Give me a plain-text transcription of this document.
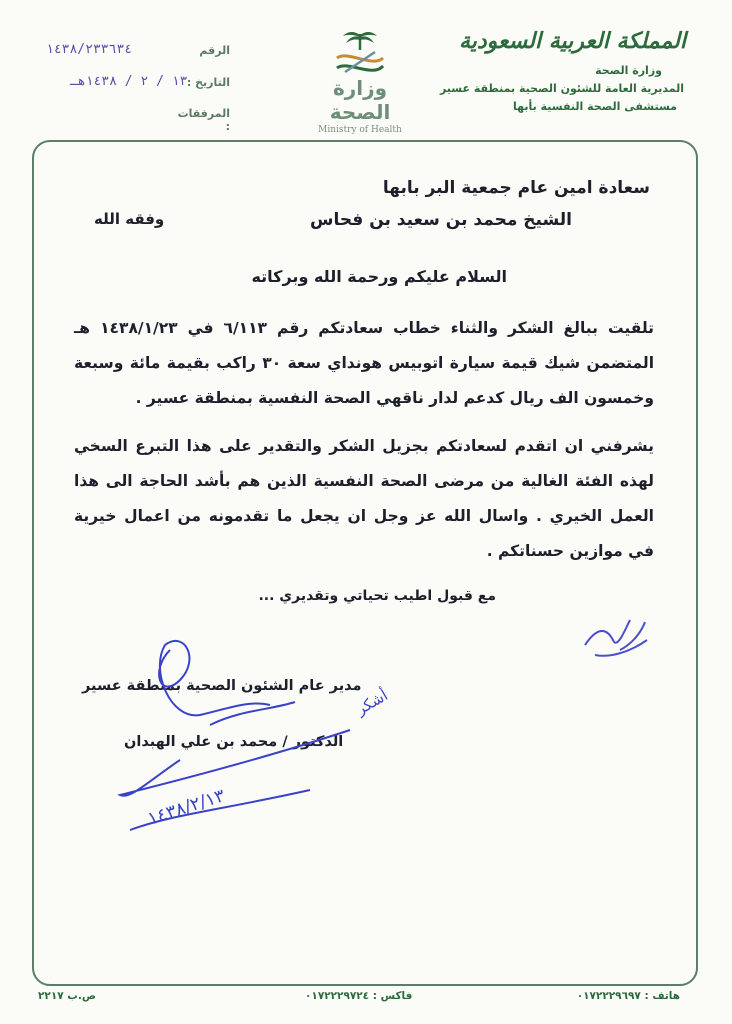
المملكة العربية السعودية
وزارة الصحة
المديرية العامة للشئون الصحية بمنطقة عسير
مستشفى الصحة النفسية بأبها
وزارة الصحة
Ministry of Health
الرقم
التاريخ :
المرفقات :
١٤٣٨/٢٣٣٦٣٤
١٣ / ٢ / ١٤٣٨هـ
سعادة امين عام جمعية البر بابها
الشيخ محمد بن سعيد بن فحاس
وفقه الله
السلام عليكم ورحمة الله وبركاته
تلقيت ببالغ الشكر والثناء خطاب سعادتكم رقم ٦/١١٣ في ١٤٣٨/١/٢٣ هـ المتضمن شيك قيمة سيارة اتوبيس هونداي سعة ٣٠ راكب بقيمة مائة وسبعة وخمسون الف ريال كدعم لدار ناقهي الصحة النفسية بمنطقة عسير .
يشرفني ان اتقدم لسعادتكم بجزيل الشكر والتقدير على هذا التبرع السخي لهذه الفئة الغالية من مرضى الصحة النفسية الذين هم بأشد الحاجة الى هذا العمل الخيري . واسال الله عز وجل ان يجعل ما تقدمونه من اعمال خيرية في موازين حسناتكم .
مع قبول اطيب تحياتي وتقديري ...
مدير عام الشئون الصحية بمنطقة عسير
الدكتور / محمد بن علي الهبدان
١٤٣٨/٢/١٣
أشكر
هاتف : ٠١٧٢٢٢٩٦٩٧
فاكس : ٠١٧٢٢٢٩٧٢٤
ص.ب ٢٢١٧
